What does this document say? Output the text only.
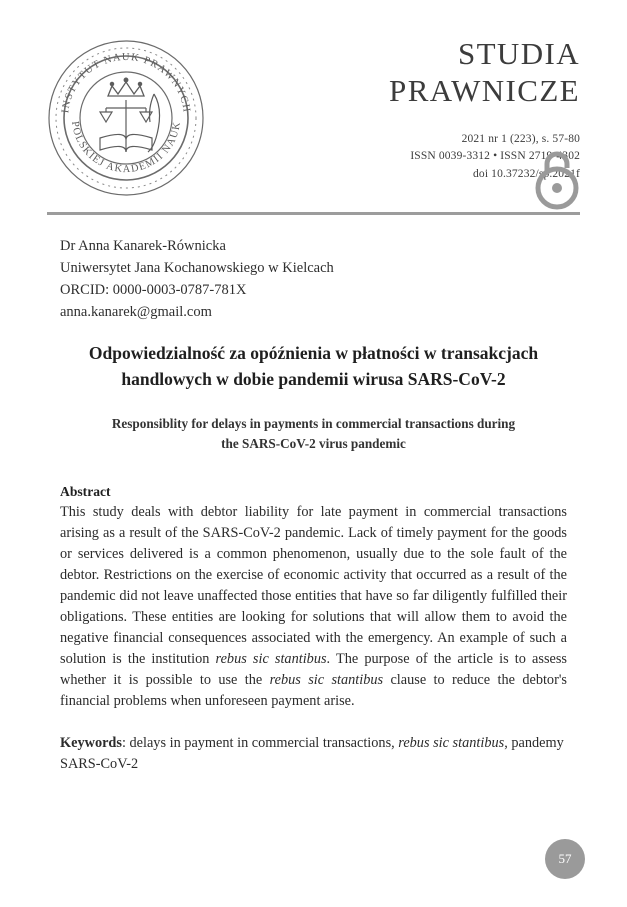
INSTYTUT NAUK PRAWNYCH
POLSKIEJ AKADEMII NAUK
STUDIA
PRAWNICZE
2021 nr 1 (223), s. 57-80
ISSN 0039-3312 • ISSN 2719-4302
doi 10.37232/sp.2021f
Dr Anna Kanarek-Równicka
Uniwersytet Jana Kochanowskiego w Kielcach
ORCID: 0000-0003-0787-781X
anna.kanarek@gmail.com
Odpowiedzialność za opóźnienia w płatności w transakcjach
handlowych w dobie pandemii wirusa SARS-CoV-2
Responsiblity for delays in payments in commercial transactions during
the SARS-CoV-2 virus pandemic
Abstract
This study deals with debtor liability for late payment in commercial transactions arising as a result of the SARS-CoV-2 pandemic. Lack of timely payment for the goods or services delivered is a common phenomenon, usually due to the sole fault of the debtor. Restrictions on the exercise of economic activity that occurred as a result of the pandemic did not leave unaffected those entities that have so far diligently fulfilled their obligations. These entities are looking for solutions that will allow them to avoid the negative financial consequences associated with the emergency. An example of such a solution is the institution rebus sic stantibus. The purpose of the article is to assess whether it is possible to use the rebus sic stantibus clause to reduce the debtor's financial problems when unforeseen payment arise.
Keywords: delays in payment in commercial transactions, rebus sic stantibus, pandemy SARS-CoV-2
57
